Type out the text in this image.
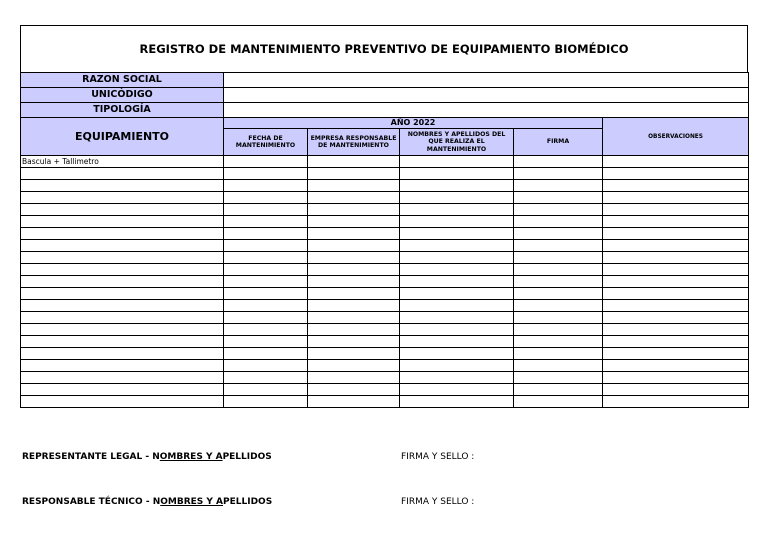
REGISTRO DE MANTENIMIENTO PREVENTIVO DE EQUIPAMIENTO BIOMÉDICO
RAZON SOCIAL					
UNICÓDIGO					
TIPOLOGÍA					
EQUIPAMIENTO	AÑO 2022				OBSERVACIONES
	FECHA DE MANTENIMIENTO	EMPRESA RESPONSABLE DE MANTENIMIENTO	NOMBRES Y APELLIDOS DEL QUE REALIZA EL MANTENIMIENTO	FIRMA	
Bascula + Tallimetro					

REPRESENTANTE LEGAL - NOMBRES Y APELLIDOS	FIRMA Y SELLO :
RESPONSABLE TÉCNICO - NOMBRES Y APELLIDOS	FIRMA Y SELLO :
